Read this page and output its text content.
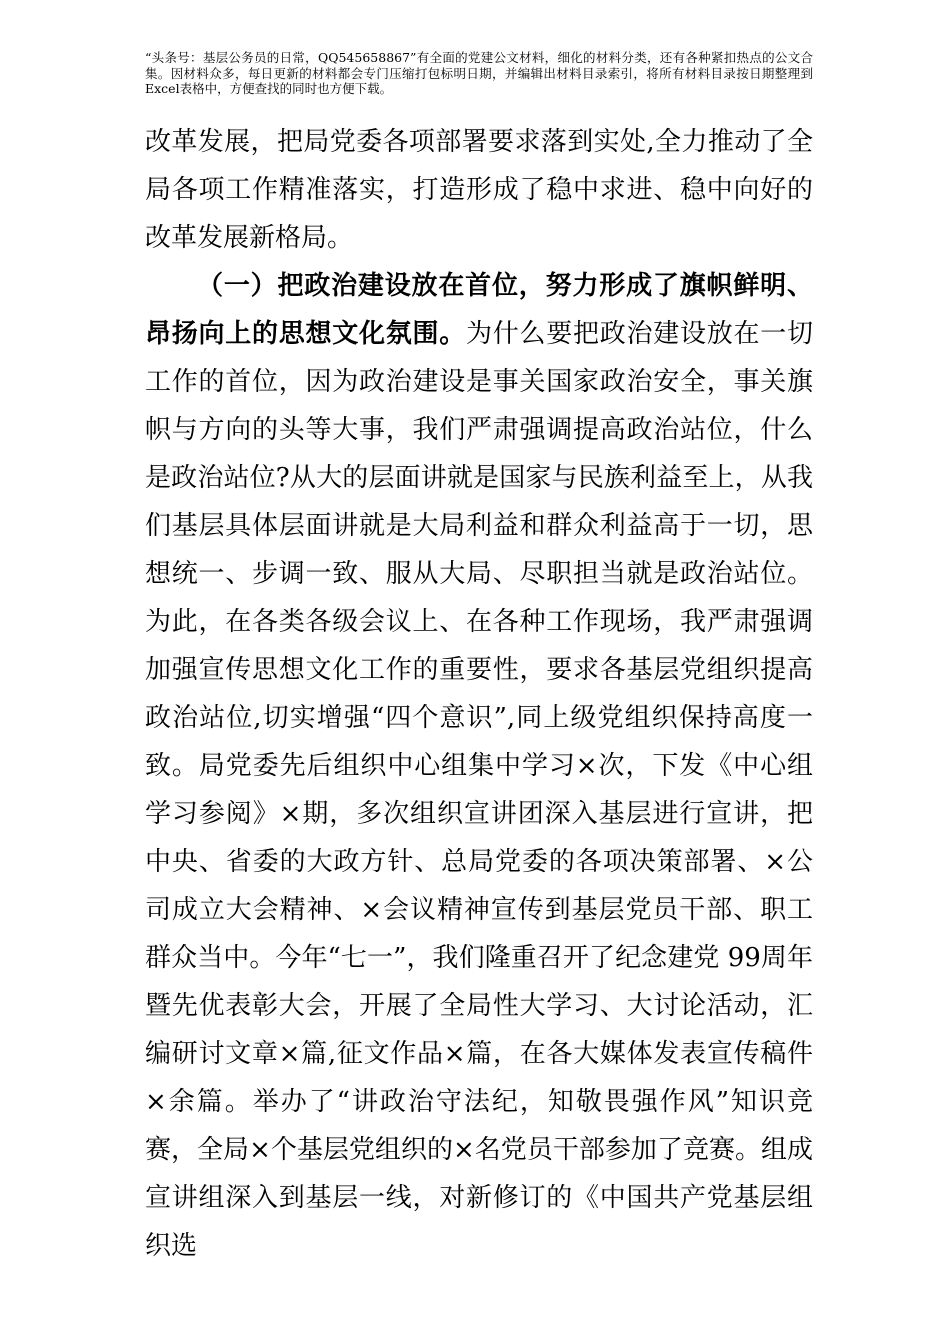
“头条号：基层公务员的日常，QQ545658867”有全面的党建公文材料，细化的材料分类，还有各种紧扣热点的公文合集。因材料众多，每日更新的材料都会专门压缩打包标明日期，并编辑出材料目录索引，将所有材料目录按日期整理到Excel表格中，方便查找的同时也方便下载。

改革发展，把局党委各项部署要求落到实处,全力推动了全局各项工作精准落实，打造形成了稳中求进、稳中向好的改革发展新格局。

（一）把政治建设放在首位，努力形成了旗帜鲜明、昂扬向上的思想文化氛围。为什么要把政治建设放在一切工作的首位，因为政治建设是事关国家政治安全，事关旗帜与方向的头等大事，我们严肃强调提高政治站位，什么是政治站位?从大的层面讲就是国家与民族利益至上，从我们基层具体层面讲就是大局利益和群众利益高于一切，思想统一、步调一致、服从大局、尽职担当就是政治站位。为此，在各类各级会议上、在各种工作现场，我严肃强调加强宣传思想文化工作的重要性，要求各基层党组织提高政治站位,切实增强“四个意识”,同上级党组织保持高度一致。局党委先后组织中心组集中学习×次，下发《中心组学习参阅》×期，多次组织宣讲团深入基层进行宣讲，把中央、省委的大政方针、总局党委的各项决策部署、×公司成立大会精神、×会议精神宣传到基层党员干部、职工群众当中。今年“七一”，我们隆重召开了纪念建党 99周年暨先优表彰大会，开展了全局性大学习、大讨论活动，汇编研讨文章×篇,征文作品×篇，在各大媒体发表宣传稿件×余篇。举办了“讲政治守法纪，知敬畏强作风”知识竞赛，全局×个基层党组织的×名党员干部参加了竞赛。组成宣讲组深入到基层一线，对新修订的《中国共产党基层组织选
